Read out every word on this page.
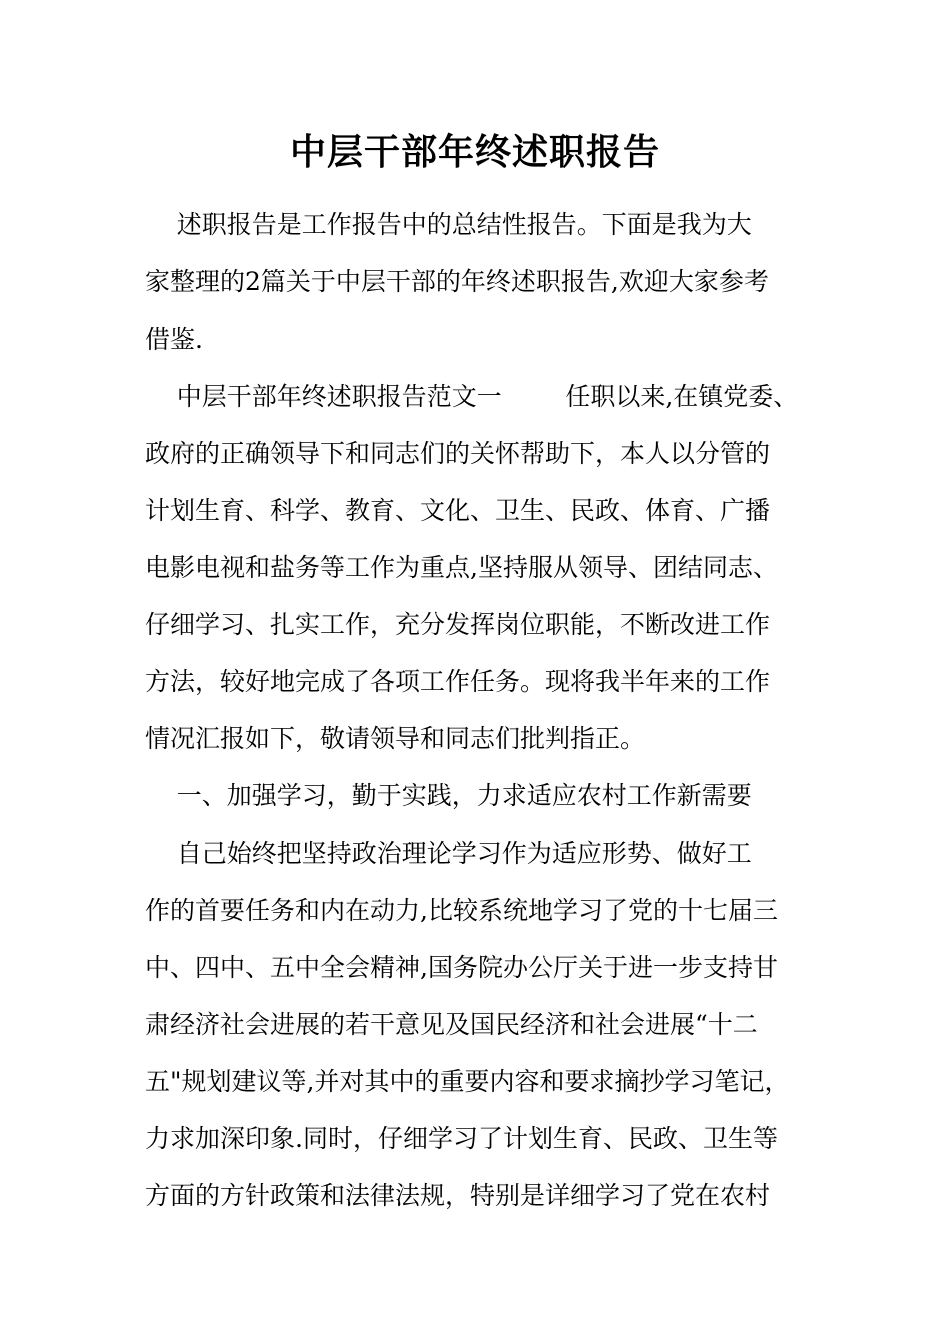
中层干部年终述职报告
述职报告是工作报告中的总结性报告。下面是我为大
家整理的2篇关于中层干部的年终述职报告,欢迎大家参考
借鉴.
中层干部年终述职报告范文一        任职以来,在镇党委、
政府的正确领导下和同志们的关怀帮助下，本人以分管的
计划生育、科学、教育、文化、卫生、民政、体育、广播
电影电视和盐务等工作为重点,坚持服从领导、团结同志、
仔细学习、扎实工作，充分发挥岗位职能，不断改进工作
方法，较好地完成了各项工作任务。现将我半年来的工作
情况汇报如下，敬请领导和同志们批判指正。
一、加强学习，勤于实践，力求适应农村工作新需要
自己始终把坚持政治理论学习作为适应形势、做好工
作的首要任务和内在动力,比较系统地学习了党的十七届三
中、四中、五中全会精神,国务院办公厅关于进一步支持甘
肃经济社会进展的若干意见及国民经济和社会进展“十二
五"规划建议等,并对其中的重要内容和要求摘抄学习笔记，
力求加深印象.同时，仔细学习了计划生育、民政、卫生等
方面的方针政策和法律法规，特别是详细学习了党在农村
